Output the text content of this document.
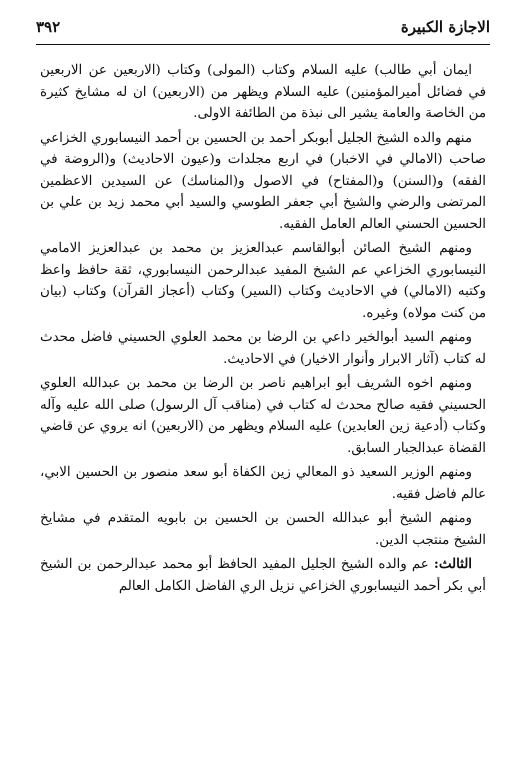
الاجازة الكبيرة
٣٩٢

ايمان أبي طالب) عليه السلام وكتاب (المولى) وكتاب (الاربعين عن الاربعين في فضائل أميرالمؤمنين) عليه السلام ويظهر من (الاربعين) ان له مشايخ كثيرة من الخاصة والعامة يشير الى نبذة من الطائفة الاولى.

منهم والده الشيخ الجليل أبوبكر أحمد بن الحسين بن أحمد النيسابوري الخزاعي صاحب (الامالي في الاخبار) في اربع مجلدات و(عيون الاحاديث) و(الروضة في الفقه) و(السنن) و(المفتاح) في الاصول و(المناسك) عن السيدين الاعظمين المرتضى والرضي والشيخ أبي جعفر الطوسي والسيد أبي محمد زيد بن علي بن الحسين الحسني العالم العامل الفقيه.

ومنهم الشيخ الصائن أبوالقاسم عبدالعزيز بن محمد بن عبدالعزيز الامامي النيسابوري الخزاعي عم الشيخ المفيد عبدالرحمن النيسابوري، ثقة حافظ واعظ وكتبه (الامالي) في الاحاديث وكتاب (السير) وكتاب (أعجاز القرآن) وكتاب (بيان من كنت مولاه) وغيره.

ومنهم السيد أبوالخير داعي بن الرضا بن محمد العلوي الحسيني فاضل محدث له كتاب (آثار الابرار وأنوار الاخيار) في الاحاديث.

ومنهم اخوه الشريف أبو ابراهيم ناصر بن الرضا بن محمد بن عبدالله العلوي الحسيني فقيه صالح محدث له كتاب في (مناقب آل الرسول) صلى الله عليه وآله وكتاب (أدعية زين العابدين) عليه السلام ويظهر من (الاربعين) انه يروي عن قاضي القضاة عبدالجبار السابق.

ومنهم الوزير السعيد ذو المعالي زين الكفاة أبو سعد منصور بن الحسين الابي، عالم فاضل فقيه.

ومنهم الشيخ أبو عبدالله الحسن بن الحسين بن بابويه المتقدم في مشايخ الشيخ منتجب الدين.

الثالث: عم والده الشيخ الجليل المفيد الحافظ أبو محمد عبدالرحمن بن الشيخ أبي بكر أحمد النيسابوري الخزاعي نزيل الري الفاضل الكامل العالم
